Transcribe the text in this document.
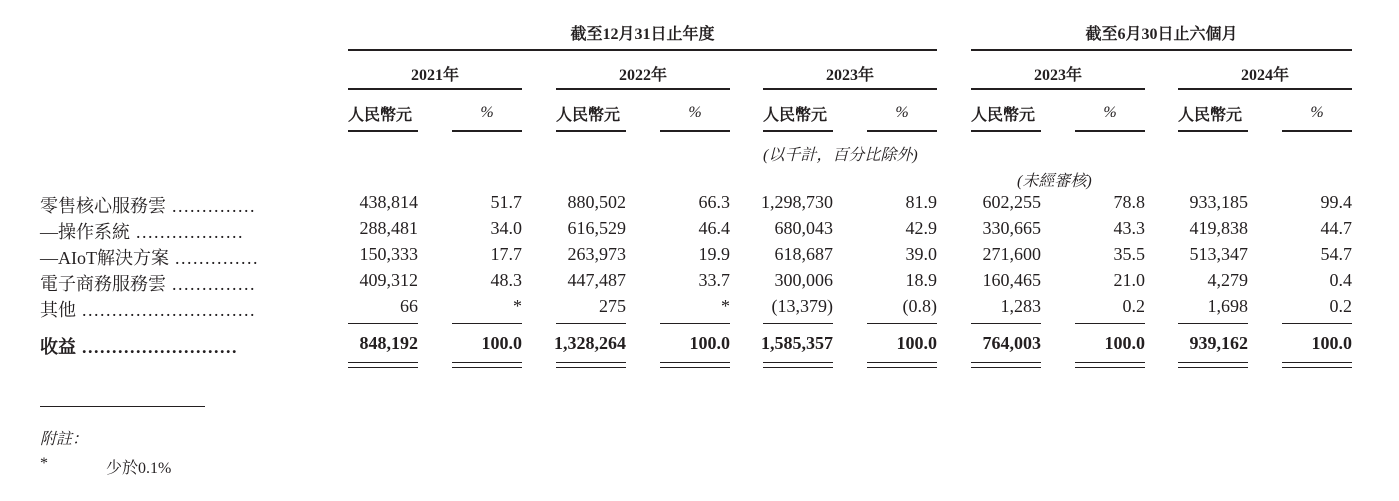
截至12月31日止年度	截至6月30日止六個月
2021年	2022年	2023年	2023年	2024年
人民幣元	%	人民幣元	%	人民幣元	%	人民幣元	%	人民幣元	%
(以千計，百分比除外)
(未經審核)
零售核心服務雲 ..............	438,814	51.7	880,502	66.3	1,298,730	81.9	602,255	78.8	933,185	99.4
—操作系統 ..................	288,481	34.0	616,529	46.4	680,043	42.9	330,665	43.3	419,838	44.7
—AIoT解決方案 ..............	150,333	17.7	263,973	19.9	618,687	39.0	271,600	35.5	513,347	54.7
電子商務服務雲 ..............	409,312	48.3	447,487	33.7	300,006	18.9	160,465	21.0	4,279	0.4
其他 .............................	66	*	275	*	(13,379)	(0.8)	1,283	0.2	1,698	0.2
收益 ..........................	848,192	100.0	1,328,264	100.0	1,585,357	100.0	764,003	100.0	939,162	100.0
附註：
*	少於0.1%
